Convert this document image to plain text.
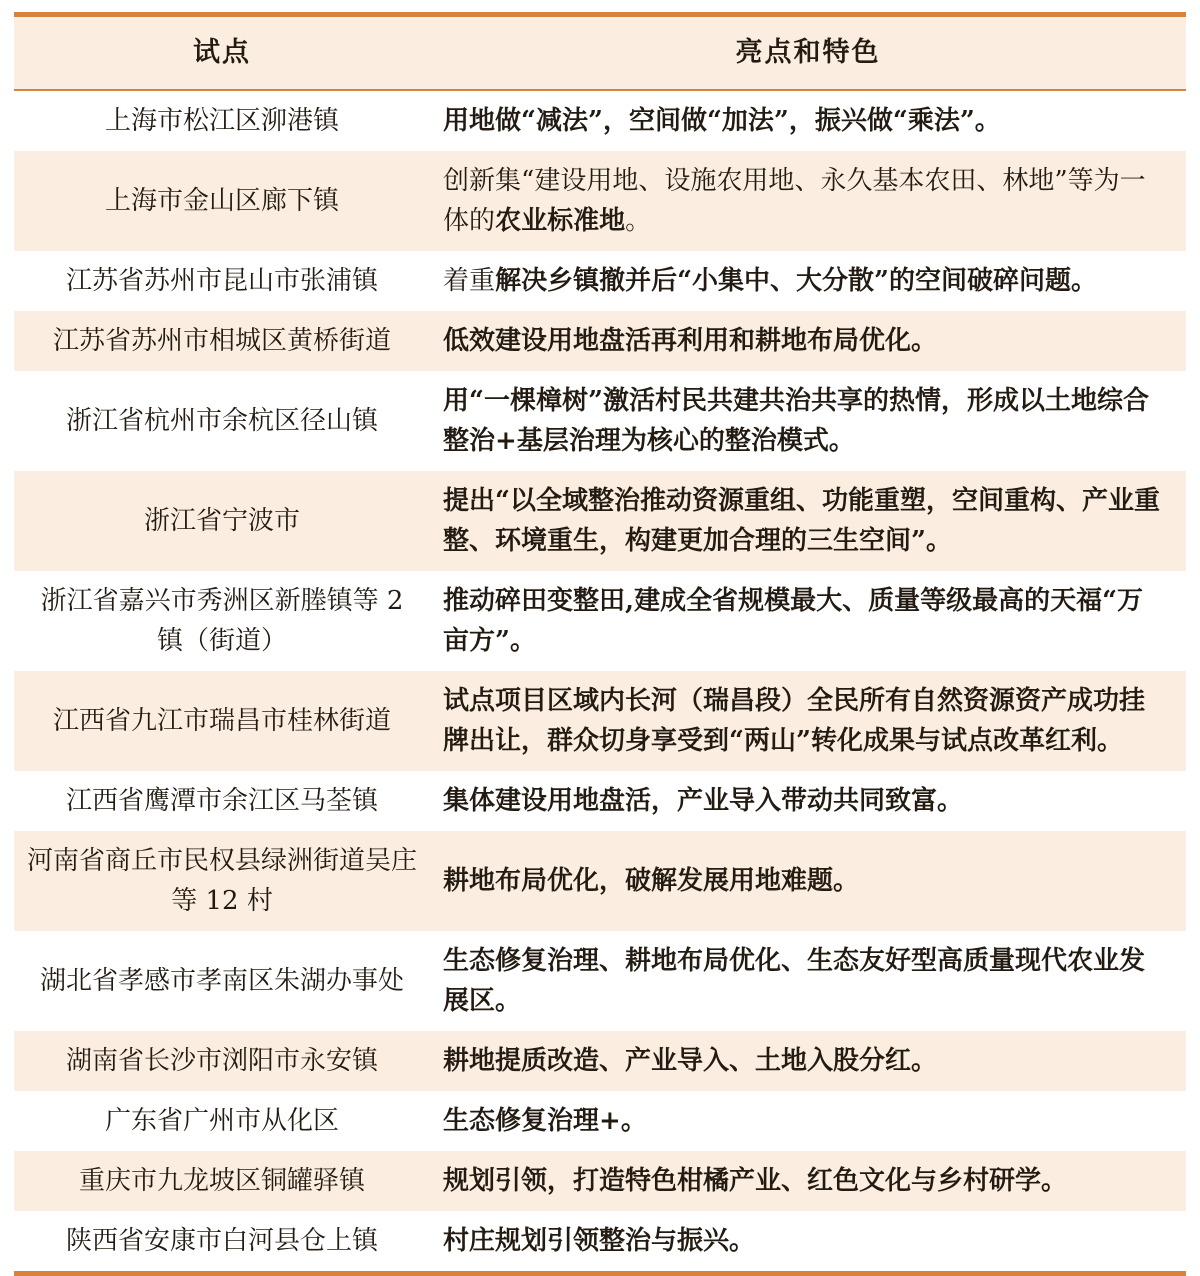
试点	亮点和特色
上海市松江区泖港镇	用地做“减法”，空间做“加法”，振兴做“乘法”。
上海市金山区廊下镇	创新集“建设用地、设施农用地、永久基本农田、林地”等为一体的农业标准地。
江苏省苏州市昆山市张浦镇	着重解决乡镇撤并后“小集中、大分散”的空间破碎问题。
江苏省苏州市相城区黄桥街道	低效建设用地盘活再利用和耕地布局优化。
浙江省杭州市余杭区径山镇	用“一棵樟树”激活村民共建共治共享的热情，形成以土地综合整治+基层治理为核心的整治模式。
浙江省宁波市	提出“以全域整治推动资源重组、功能重塑，空间重构、产业重整、环境重生，构建更加合理的三生空间”。
浙江省嘉兴市秀洲区新塍镇等 2 镇（街道）	推动碎田变整田,建成全省规模最大、质量等级最高的天福“万亩方”。
江西省九江市瑞昌市桂林街道	试点项目区域内长河（瑞昌段）全民所有自然资源资产成功挂牌出让，群众切身享受到“两山”转化成果与试点改革红利。
江西省鹰潭市余江区马荃镇	集体建设用地盘活，产业导入带动共同致富。
河南省商丘市民权县绿洲街道吴庄等 12 村	耕地布局优化，破解发展用地难题。
湖北省孝感市孝南区朱湖办事处	生态修复治理、耕地布局优化、生态友好型高质量现代农业发展区。
湖南省长沙市浏阳市永安镇	耕地提质改造、产业导入、土地入股分红。
广东省广州市从化区	生态修复治理+。
重庆市九龙坡区铜罐驿镇	规划引领，打造特色柑橘产业、红色文化与乡村研学。
陕西省安康市白河县仓上镇	村庄规划引领整治与振兴。
